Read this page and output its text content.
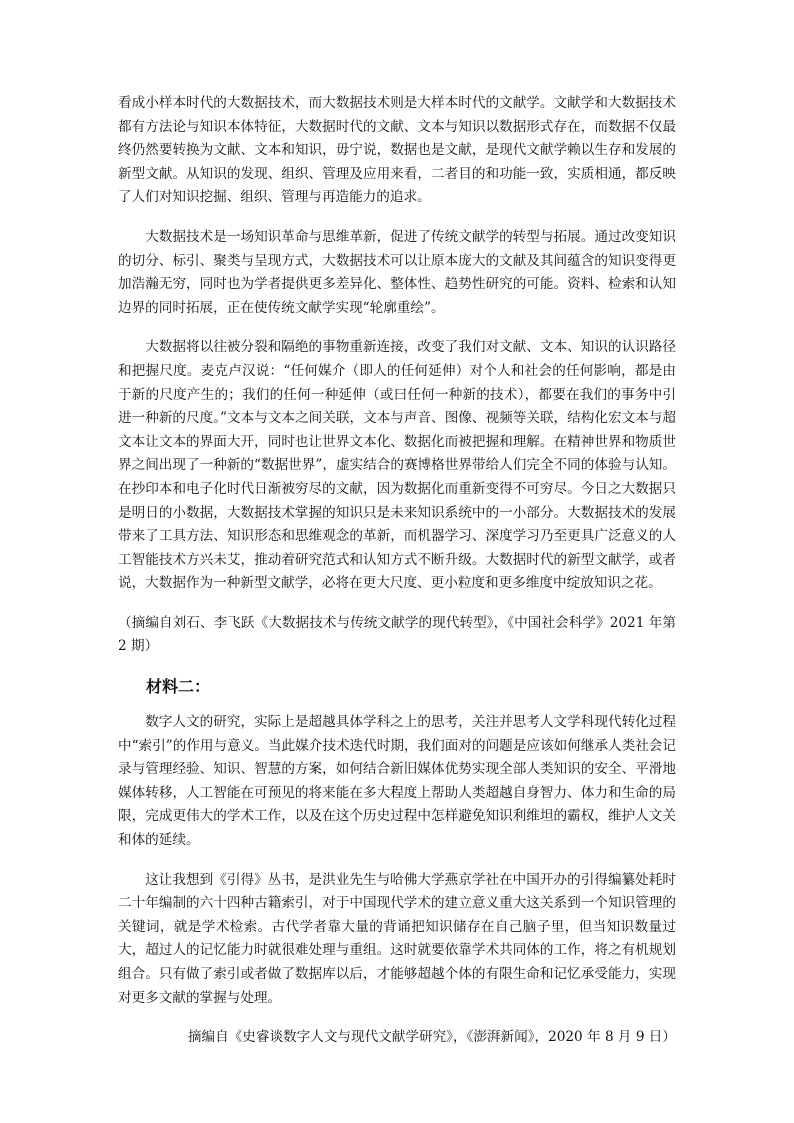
看成小样本时代的大数据技术，而大数据技术则是大样本时代的文献学。文献学和大数据技术都有方法论与知识本体特征，大数据时代的文献、文本与知识以数据形式存在，而数据不仅最终仍然要转换为文献、文本和知识，毋宁说，数据也是文献，是现代文献学赖以生存和发展的新型文献。从知识的发现、组织、管理及应用来看，二者目的和功能一致，实质相通，都反映了人们对知识挖掘、组织、管理与再造能力的追求。

大数据技术是一场知识革命与思维革新，促进了传统文献学的转型与拓展。通过改变知识的切分、标引、聚类与呈现方式，大数据技术可以让原本庞大的文献及其间蕴含的知识变得更加浩瀚无穷，同时也为学者提供更多差异化、整体性、趋势性研究的可能。资料、检索和认知边界的同时拓展，正在使传统文献学实现“轮廓重绘”。

大数据将以往被分裂和隔绝的事物重新连接，改变了我们对文献、文本、知识的认识路径和把握尺度。麦克卢汉说：“任何媒介（即人的任何延伸）对个人和社会的任何影响，都是由于新的尺度产生的；我们的任何一种延伸（或曰任何一种新的技术），都要在我们的事务中引进一种新的尺度。”文本与文本之间关联，文本与声音、图像、视频等关联，结构化宏文本与超文本让文本的界面大开，同时也让世界文本化、数据化而被把握和理解。在精神世界和物质世界之间出现了一种新的“数据世界”，虚实结合的赛博格世界带给人们完全不同的体验与认知。在抄印本和电子化时代日渐被穷尽的文献，因为数据化而重新变得不可穷尽。今日之大数据只是明日的小数据，大数据技术掌握的知识只是未来知识系统中的一小部分。大数据技术的发展带来了工具方法、知识形态和思维观念的革新，而机器学习、深度学习乃至更具广泛意义的人工智能技术方兴未艾，推动着研究范式和认知方式不断升级。大数据时代的新型文献学，或者说，大数据作为一种新型文献学，必将在更大尺度、更小粒度和更多维度中绽放知识之花。

（摘编自刘石、李飞跃《大数据技术与传统文献学的现代转型》，《中国社会科学》2021 年第 2 期）

材料二：

数字人文的研究，实际上是超越具体学科之上的思考，关注并思考人文学科现代转化过程中“索引”的作用与意义。当此媒介技术迭代时期，我们面对的问题是应该如何继承人类社会记录与管理经验、知识、智慧的方案，如何结合新旧媒体优势实现全部人类知识的安全、平滑地媒体转移，人工智能在可预见的将来能在多大程度上帮助人类超越自身智力、体力和生命的局限，完成更伟大的学术工作，以及在这个历史过程中怎样避免知识利维坦的霸权，维护人文关和体的延续。

这让我想到《引得》丛书，是洪业先生与哈佛大学燕京学社在中国开办的引得编纂处耗时二十年编制的六十四种古籍索引，对于中国现代学术的建立意义重大这关系到一个知识管理的关键词，就是学术检索。古代学者靠大量的背诵把知识储存在自己脑子里，但当知识数量过大，超过人的记忆能力时就很难处理与重组。这时就要依靠学术共同体的工作，将之有机规划组合。只有做了索引或者做了数据库以后，才能够超越个体的有限生命和记忆承受能力，实现对更多文献的掌握与处理。

摘编自《史睿谈数字人文与现代文献学研究》，《澎湃新闻》，2020 年 8 月 9 日）
